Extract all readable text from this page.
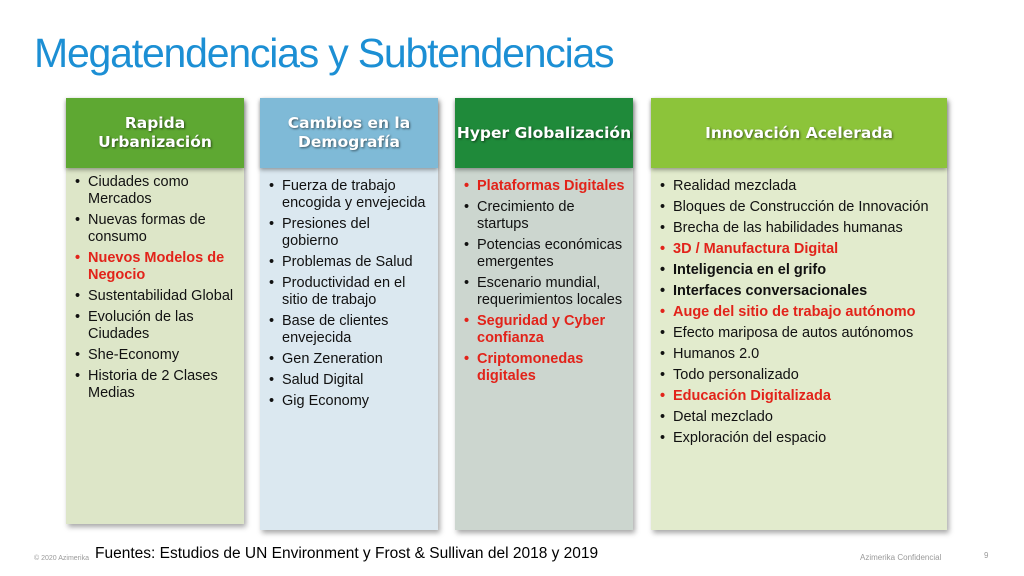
Megatendencias y Subtendencias
Rapida Urbanización
• Ciudades como Mercados
• Nuevas formas de consumo
• Nuevos Modelos de Negocio
• Sustentabilidad Global
• Evolución de las Ciudades
• She-Economy
• Historia de 2 Clases Medias
Cambios en la Demografía
• Fuerza de trabajo encogida y envejecida
• Presiones del gobierno
• Problemas de Salud
• Productividad en el sitio de trabajo
• Base de clientes envejecida
• Gen Zeneration
• Salud Digital
• Gig Economy
Hyper Globalización
• Plataformas Digitales
• Crecimiento de startups
• Potencias económicas emergentes
• Escenario mundial, requerimientos locales
• Seguridad y Cyber confianza
• Criptomonedas digitales
Innovación Acelerada
• Realidad mezclada
• Bloques de Construcción de Innovación
• Brecha de las habilidades humanas
• 3D / Manufactura Digital
• Inteligencia en el grifo
• Interfaces conversacionales
• Auge del sitio de trabajo autónomo
• Efecto mariposa de autos autónomos
• Humanos 2.0
• Todo personalizado
• Educación Digitalizada
• Detal mezclado
• Exploración del espacio
© 2020 Azimerika Fuentes: Estudios de UN Environment y Frost & Sullivan del 2018 y 2019	Azimerika Confidencial	9
